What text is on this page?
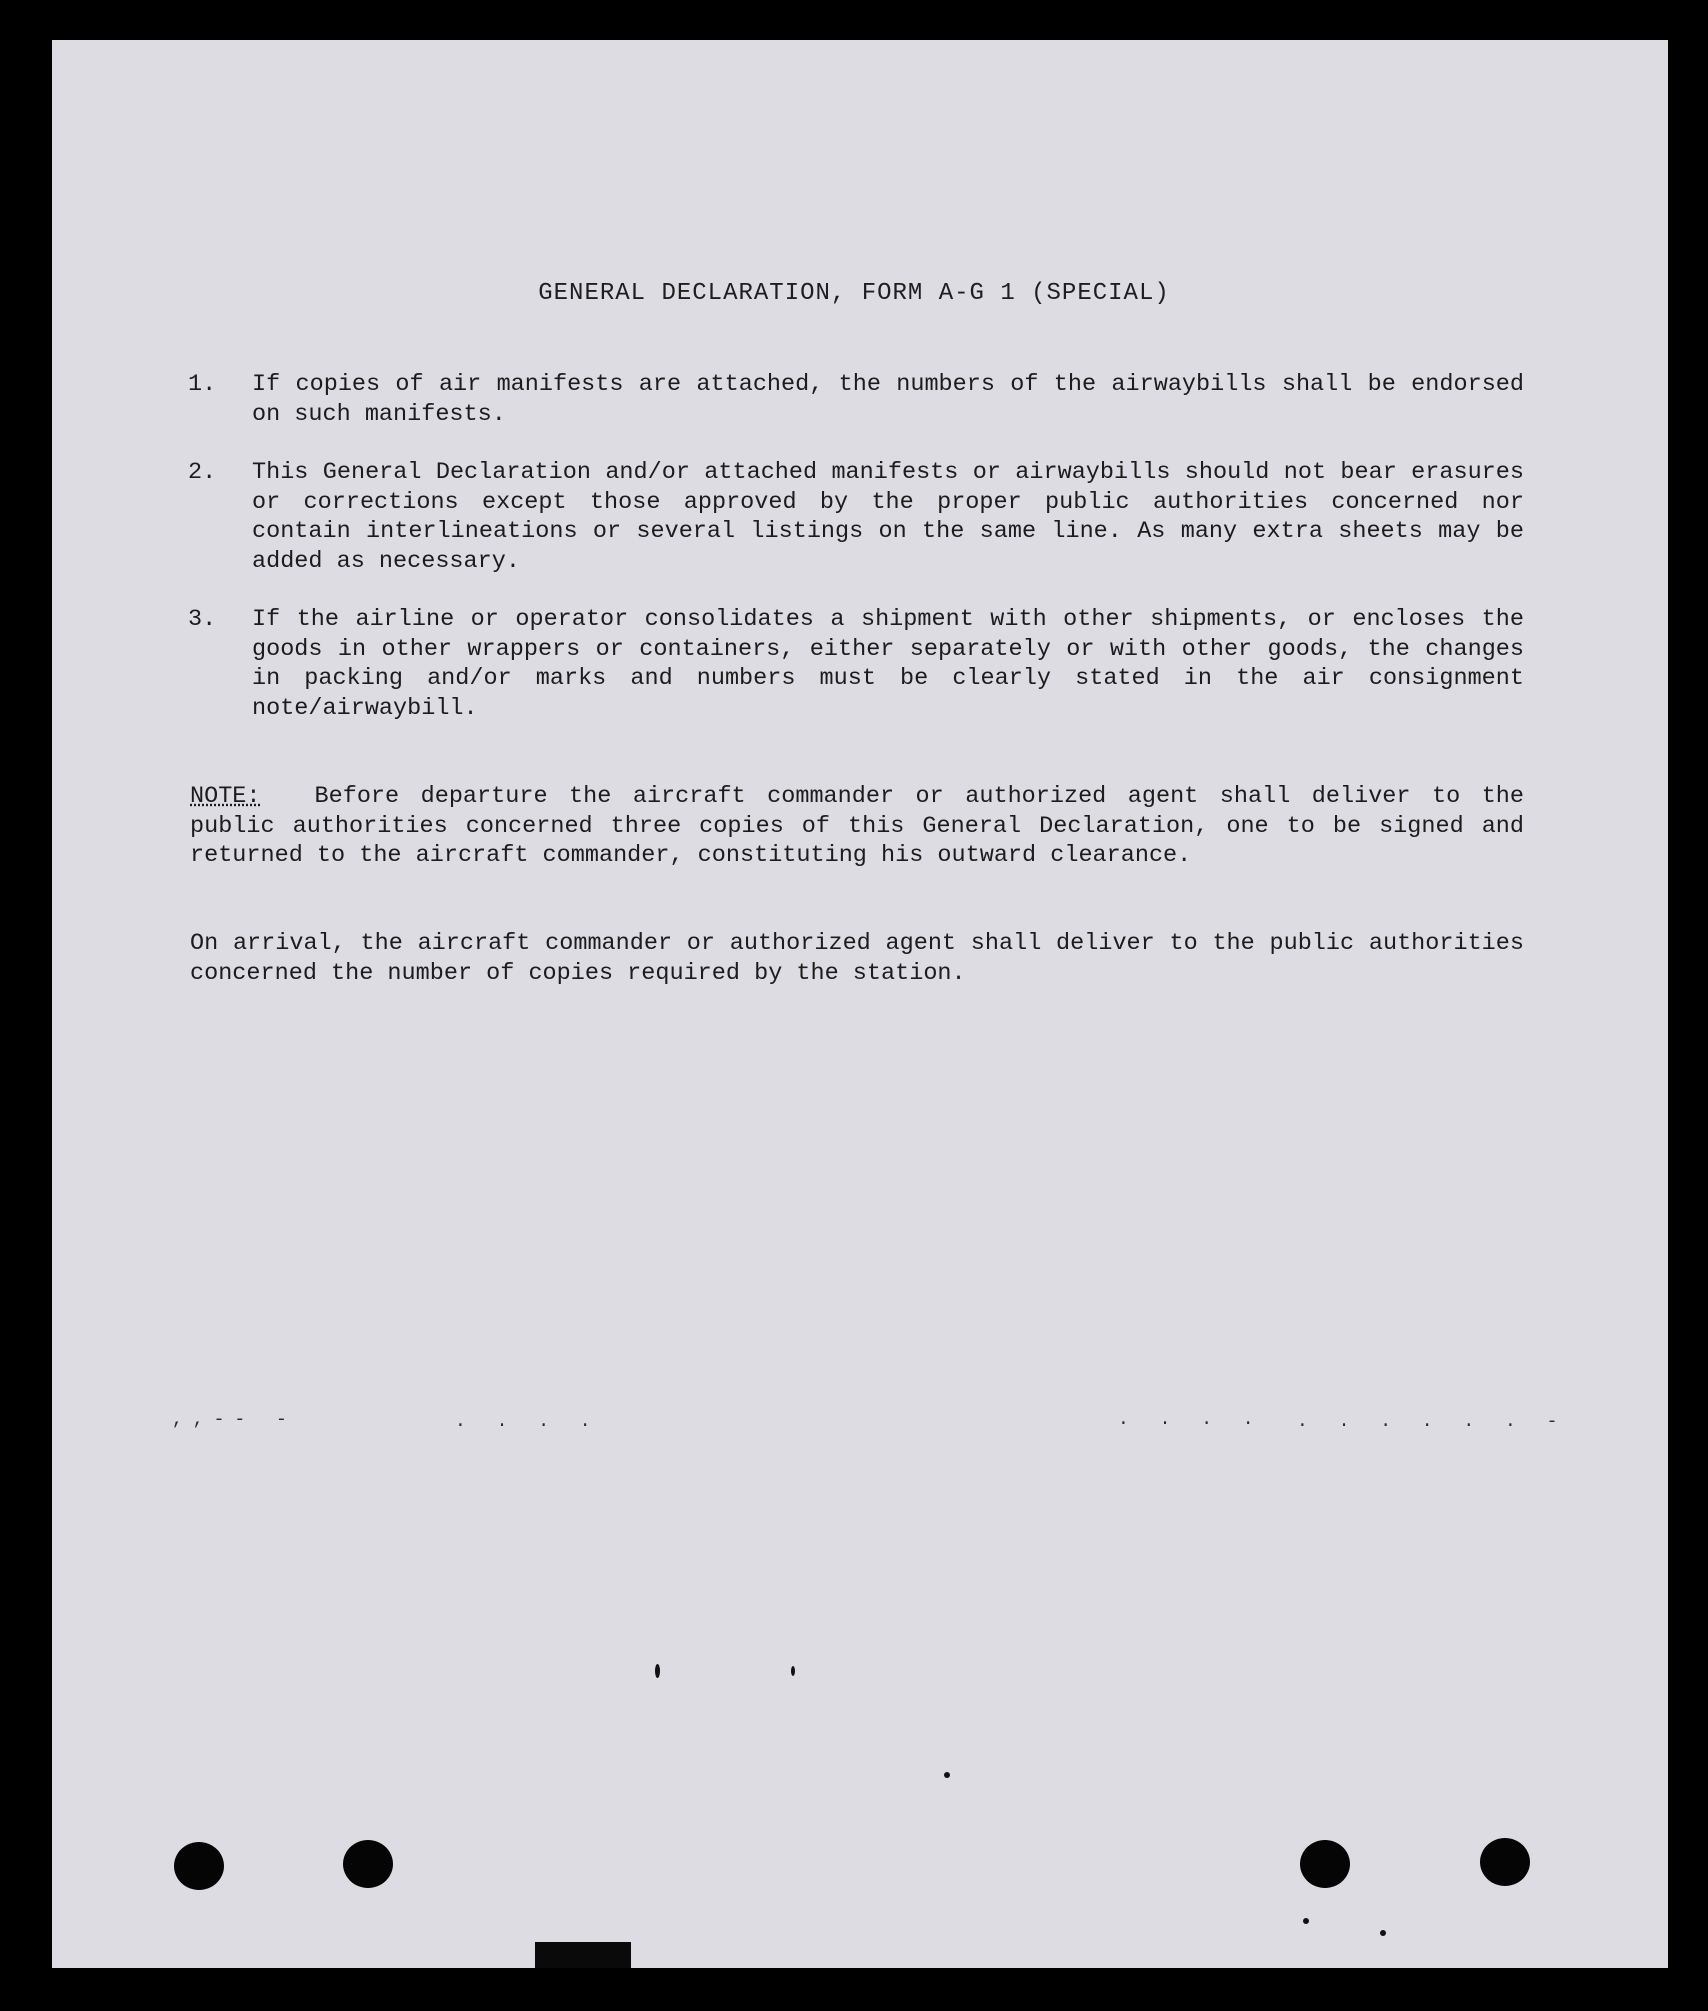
GENERAL DECLARATION, FORM A-G 1 (SPECIAL)
1.	If copies of air manifests are attached, the numbers of the airwaybills shall be endorsed on such manifests.
2.	This General Declaration and/or attached manifests or airwaybills should not bear erasures or corrections except those approved by the proper public authorities concerned nor contain interlineations or several listings on the same line. As many extra sheets may be added as necessary.
3.	If the airline or operator consolidates a shipment with other shipments, or encloses the goods in other wrappers or containers, either separately or with other goods, the changes in packing and/or marks and numbers must be clearly stated in the air consignment note/airwaybill.
NOTE: Before departure the aircraft commander or authorized agent shall deliver to the public authorities concerned three copies of this General Declaration, one to be signed and returned to the aircraft commander, constituting his outward clearance.
On arrival, the aircraft commander or authorized agent shall deliver to the public authorities concerned the number of copies required by the station.
,,-- -	. . . .	. . . . . . . . . . -
